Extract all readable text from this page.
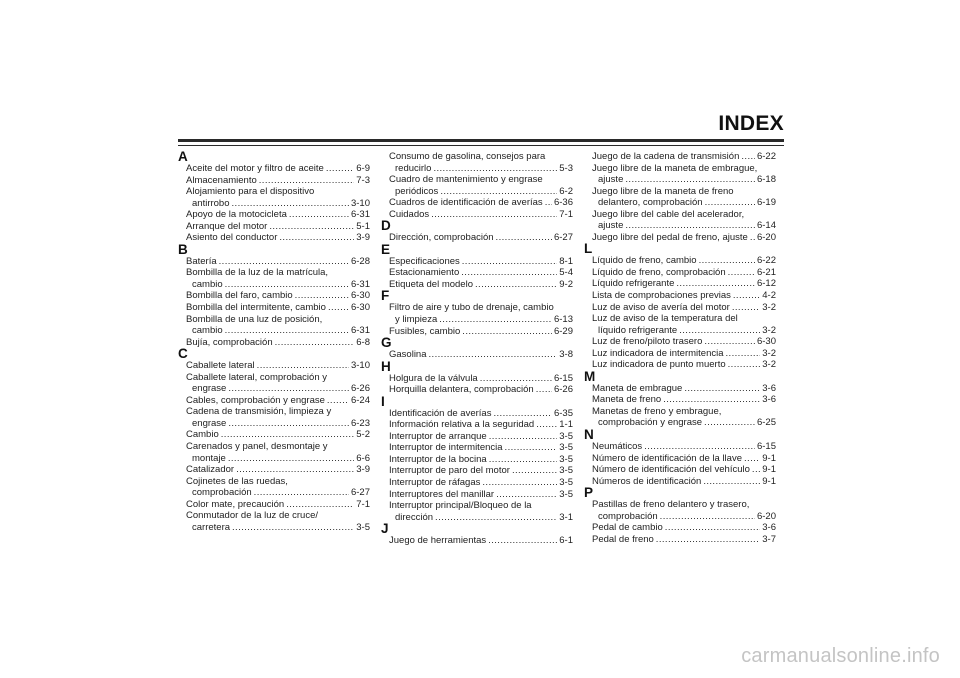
INDEX
A
Aceite del motor y filtro de aceite .....	6-9
Almacenamiento .....	7-3
Alojamiento para el dispositivo
antirrobo .....	3-10
Apoyo de la motocicleta .....	6-31
Arranque del motor .....	5-1
Asiento del conductor .....	3-9
B
Batería .....	6-28
Bombilla de la luz de la matrícula,
cambio .....	6-31
Bombilla del faro, cambio .....	6-30
Bombilla del intermitente, cambio .....	6-30
Bombilla de una luz de posición,
cambio .....	6-31
Bujía, comprobación .....	6-8
C
Caballete lateral .....	3-10
Caballete lateral, comprobación y
engrase .....	6-26
Cables, comprobación y engrase .....	6-24
Cadena de transmisión, limpieza y
engrase .....	6-23
Cambio .....	5-2
Carenados y panel, desmontaje y
montaje .....	6-6
Catalizador .....	3-9
Cojinetes de las ruedas,
comprobación .....	6-27
Color mate, precaución .....	7-1
Conmutador de la luz de cruce/
carretera .....	3-5
Consumo de gasolina, consejos para
reducirlo .....	5-3
Cuadro de mantenimiento y engrase
periódicos .....	6-2
Cuadros de identificación de averías ..... 6-36
Cuidados .....	7-1
D
Dirección, comprobación .....	6-27
E
Especificaciones .....	8-1
Estacionamiento .....	5-4
Etiqueta del modelo .....	9-2
F
Filtro de aire y tubo de drenaje, cambio
y limpieza .....	6-13
Fusibles, cambio .....	6-29
G
Gasolina .....	3-8
H
Holgura de la válvula .....	6-15
Horquilla delantera, comprobación ..... 6-26
I
Identificación de averías .....	6-35
Información relativa a la seguridad .....	1-1
Interruptor de arranque .....	3-5
Interruptor de intermitencia .....	3-5
Interruptor de la bocina .....	3-5
Interruptor de paro del motor .....	3-5
Interruptor de ráfagas .....	3-5
Interruptores del manillar .....	3-5
Interruptor principal/Bloqueo de la
dirección .....	3-1
J
Juego de herramientas .....	6-1
Juego de la cadena de transmisión ..... 6-22
Juego libre de la maneta de embrague,
ajuste .....	6-18
Juego libre de la maneta de freno
delantero, comprobación .....	6-19
Juego libre del cable del acelerador,
ajuste .....	6-14
Juego libre del pedal de freno, ajuste ..... 6-20
L
Líquido de freno, cambio .....	6-22
Líquido de freno, comprobación .....	6-21
Líquido refrigerante .....	6-12
Lista de comprobaciones previas .....	4-2
Luz de aviso de avería del motor .....	3-2
Luz de aviso de la temperatura del
líquido refrigerante .....	3-2
Luz de freno/piloto trasero .....	6-30
Luz indicadora de intermitencia .....	3-2
Luz indicadora de punto muerto .....	3-2
M
Maneta de embrague .....	3-6
Maneta de freno .....	3-6
Manetas de freno y embrague,
comprobación y engrase .....	6-25
N
Neumáticos .....	6-15
Número de identificación de la llave ..... 9-1
Número de identificación del vehículo ..... 9-1
Números de identificación .....	9-1
P
Pastillas de freno delantero y trasero,
comprobación .....	6-20
Pedal de cambio .....	3-6
Pedal de freno .....	3-7
carmanualsonline.info
